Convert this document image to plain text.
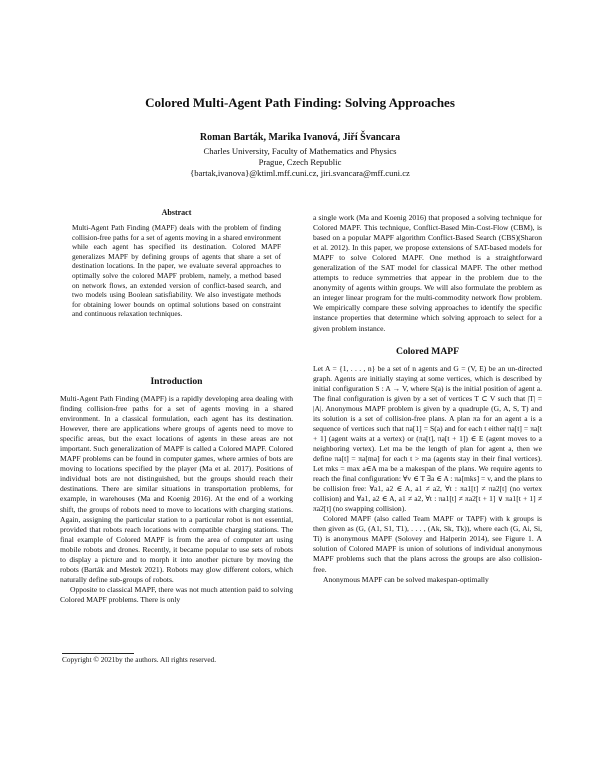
Colored Multi-Agent Path Finding: Solving Approaches
Roman Barták, Marika Ivanová, Jiří Švancara
Charles University, Faculty of Mathematics and Physics
Prague, Czech Republic
{bartak,ivanova}@ktiml.mff.cuni.cz, jiri.svancara@mff.cuni.cz
Abstract

Multi-Agent Path Finding (MAPF) deals with the problem of finding collision-free paths for a set of agents moving in a shared environment while each agent has specified its destination. Colored MAPF generalizes MAPF by defining groups of agents that share a set of destination locations. In the paper, we evaluate several approaches to optimally solve the colored MAPF problem, namely, a method based on network flows, an extended version of conflict-based search, and two models using Boolean satisfiability. We also investigate methods for obtaining lower bounds on optimal solutions based on constraint and continuous relaxation techniques.

Introduction

Multi-Agent Path Finding (MAPF) is a rapidly developing area dealing with finding collision-free paths for a set of agents moving in a shared environment. In a classical formulation, each agent has its destination. However, there are applications where groups of agents need to move to specific areas, but the exact locations of agents in these areas are not important. Such generalization of MAPF is called a Colored MAPF. Colored MAPF problems can be found in computer games, where armies of bots are moving to locations specified by the player (Ma et al. 2017). Positions of individual bots are not distinguished, but the groups should reach their destinations. There are similar situations in transportation problems, for example, in warehouses (Ma and Koenig 2016). At the end of a working shift, the groups of robots need to move to locations with charging stations. Again, assigning the particular station to a particular robot is not essential, provided that robots reach locations with compatible charging stations. The final example of Colored MAPF is from the area of computer art using mobile robots and drones. Recently, it became popular to use sets of robots to display a picture and to morph it into another picture by moving the robots (Barták and Mestek 2021). Robots may glow different colors, which naturally define sub-groups of robots.

Opposite to classical MAPF, there was not much attention paid to solving Colored MAPF problems. There is only

Copyright © 2021by the authors. All rights reserved.

a single work (Ma and Koenig 2016) that proposed a solving technique for Colored MAPF. This technique, Conflict-Based Min-Cost-Flow (CBM), is based on a popular MAPF algorithm Conflict-Based Search (CBS)(Sharon et al. 2012). In this paper, we propose extensions of SAT-based models for MAPF to solve Colored MAPF. One method is a straightforward generalization of the SAT model for classical MAPF. The other method attempts to reduce symmetries that appear in the problem due to the anonymity of agents within groups. We will also formulate the problem as an integer linear program for the multi-commodity network flow problem. We empirically compare these solving approaches to identify the specific instance properties that determine which solving approach to select for a given problem instance.

Colored MAPF

Let A = {1, . . . , n} be a set of n agents and G = (V, E) be an un-directed graph. Agents are initially staying at some vertices, which is described by initial configuration S : A → V, where S(a) is the initial position of agent a. The final configuration is given by a set of vertices T ⊂ V such that |T| = |A|. Anonymous MAPF problem is given by a quadruple (G, A, S, T) and its solution is a set of collision-free plans. A plan πa for an agent a is a sequence of vertices such that πa[1] = S(a) and for each t either πa[t] = πa[t + 1] (agent waits at a vertex) or (πa[t], πa[t + 1]) ∈ E (agent moves to a neighboring vertex). Let ma be the length of plan for agent a, then we define πa[t] = πa[ma] for each t > ma (agents stay in their final vertices). Let mks = max a∈A ma be a makespan of the plans. We require agents to reach the final configuration: ∀v ∈ T ∃a ∈ A : πa[mks] = v, and the plans to be collision free: ∀a1, a2 ∈ A, a1 ≠ a2, ∀t : πa1[t] ≠ πa2[t] (no vertex collision) and ∀a1, a2 ∈ A, a1 ≠ a2, ∀t : πa1[t] ≠ πa2[t + 1] ∨ πa1[t + 1] ≠ πa2[t] (no swapping collision).

Colored MAPF (also called Team MAPF or TAPF) with k groups is then given as (G, (A1, S1, T1), . . . , (Ak, Sk, Tk)), where each (G, Ai, Si, Ti) is anonymous MAPF (Solovey and Halperin 2014), see Figure 1. A solution of Colored MAPF is union of solutions of individual anonymous MAPF problems such that the plans across the groups are also collision-free.

Anonymous MAPF can be solved makespan-optimally
